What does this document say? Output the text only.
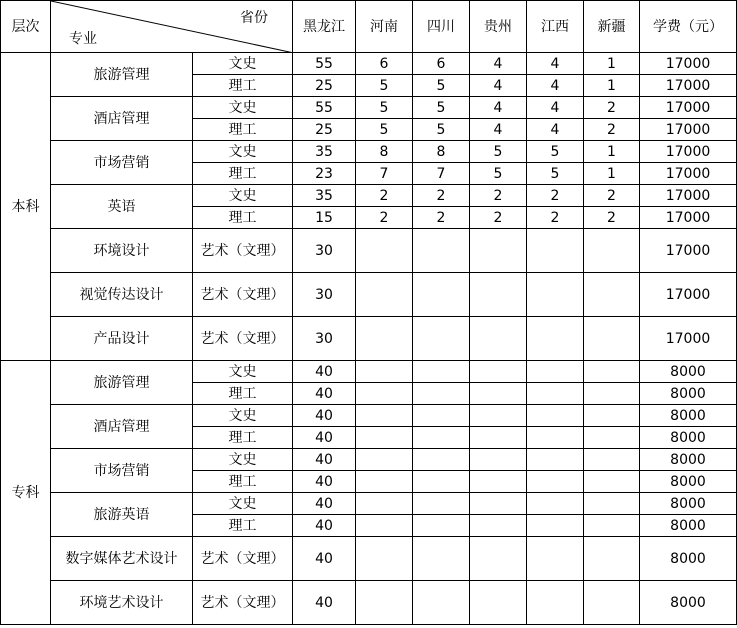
层次	省份
专业		黑龙江	河南	四川	贵州	江西	新疆	学费（元）
本科	旅游管理	文史	55	6	6	4	4	1	17000
		理工	25	5	5	4	4	1	17000
	酒店管理	文史	55	5	5	4	4	2	17000
		理工	25	5	5	4	4	2	17000
	市场营销	文史	35	8	8	5	5	1	17000
		理工	23	7	7	5	5	1	17000
	英语	文史	35	2	2	2	2	2	17000
		理工	15	2	2	2	2	2	17000
	环境设计	艺术（文理）	30						17000
	视觉传达设计	艺术（文理）	30						17000
	产品设计	艺术（文理）	30						17000
专科	旅游管理	文史	40						8000
		理工	40						8000
	酒店管理	文史	40						8000
		理工	40						8000
	市场营销	文史	40						8000
		理工	40						8000
	旅游英语	文史	40						8000
		理工	40						8000
	数字媒体艺术设计	艺术（文理）	40						8000
	环境艺术设计	艺术（文理）	40						8000
